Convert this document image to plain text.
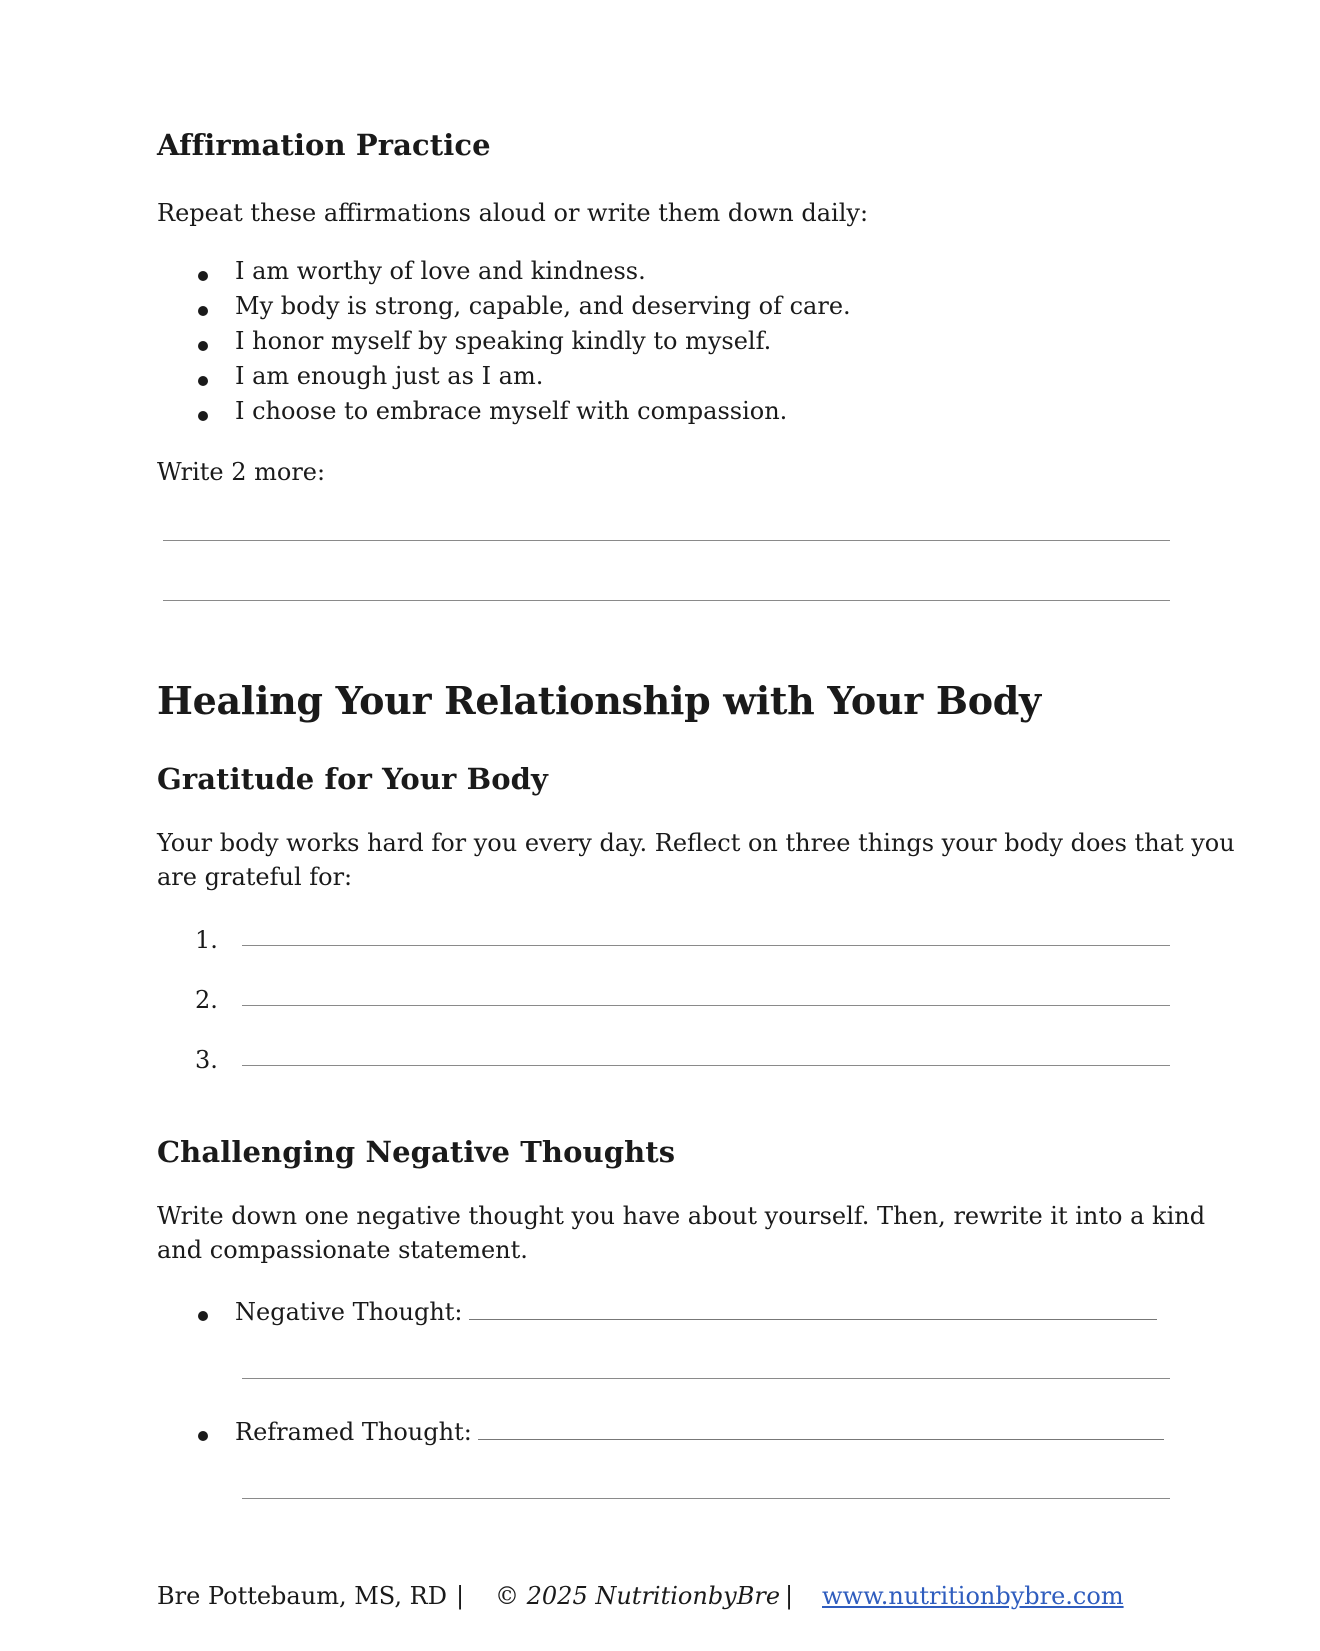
Affirmation Practice
Repeat these affirmations aloud or write them down daily:
I am worthy of love and kindness.
My body is strong, capable, and deserving of care.
I honor myself by speaking kindly to myself.
I am enough just as I am.
I choose to embrace myself with compassion.
Write 2 more:
Healing Your Relationship with Your Body
Gratitude for Your Body
Your body works hard for you every day. Reflect on three things your body does that you
are grateful for:
1.
2.
3.
Challenging Negative Thoughts
Write down one negative thought you have about yourself. Then, rewrite it into a kind
and compassionate statement.
Negative Thought:
Reframed Thought:
Bre Pottebaum, MS, RD | © 2025 NutritionbyBre | www.nutritionbybre.com
